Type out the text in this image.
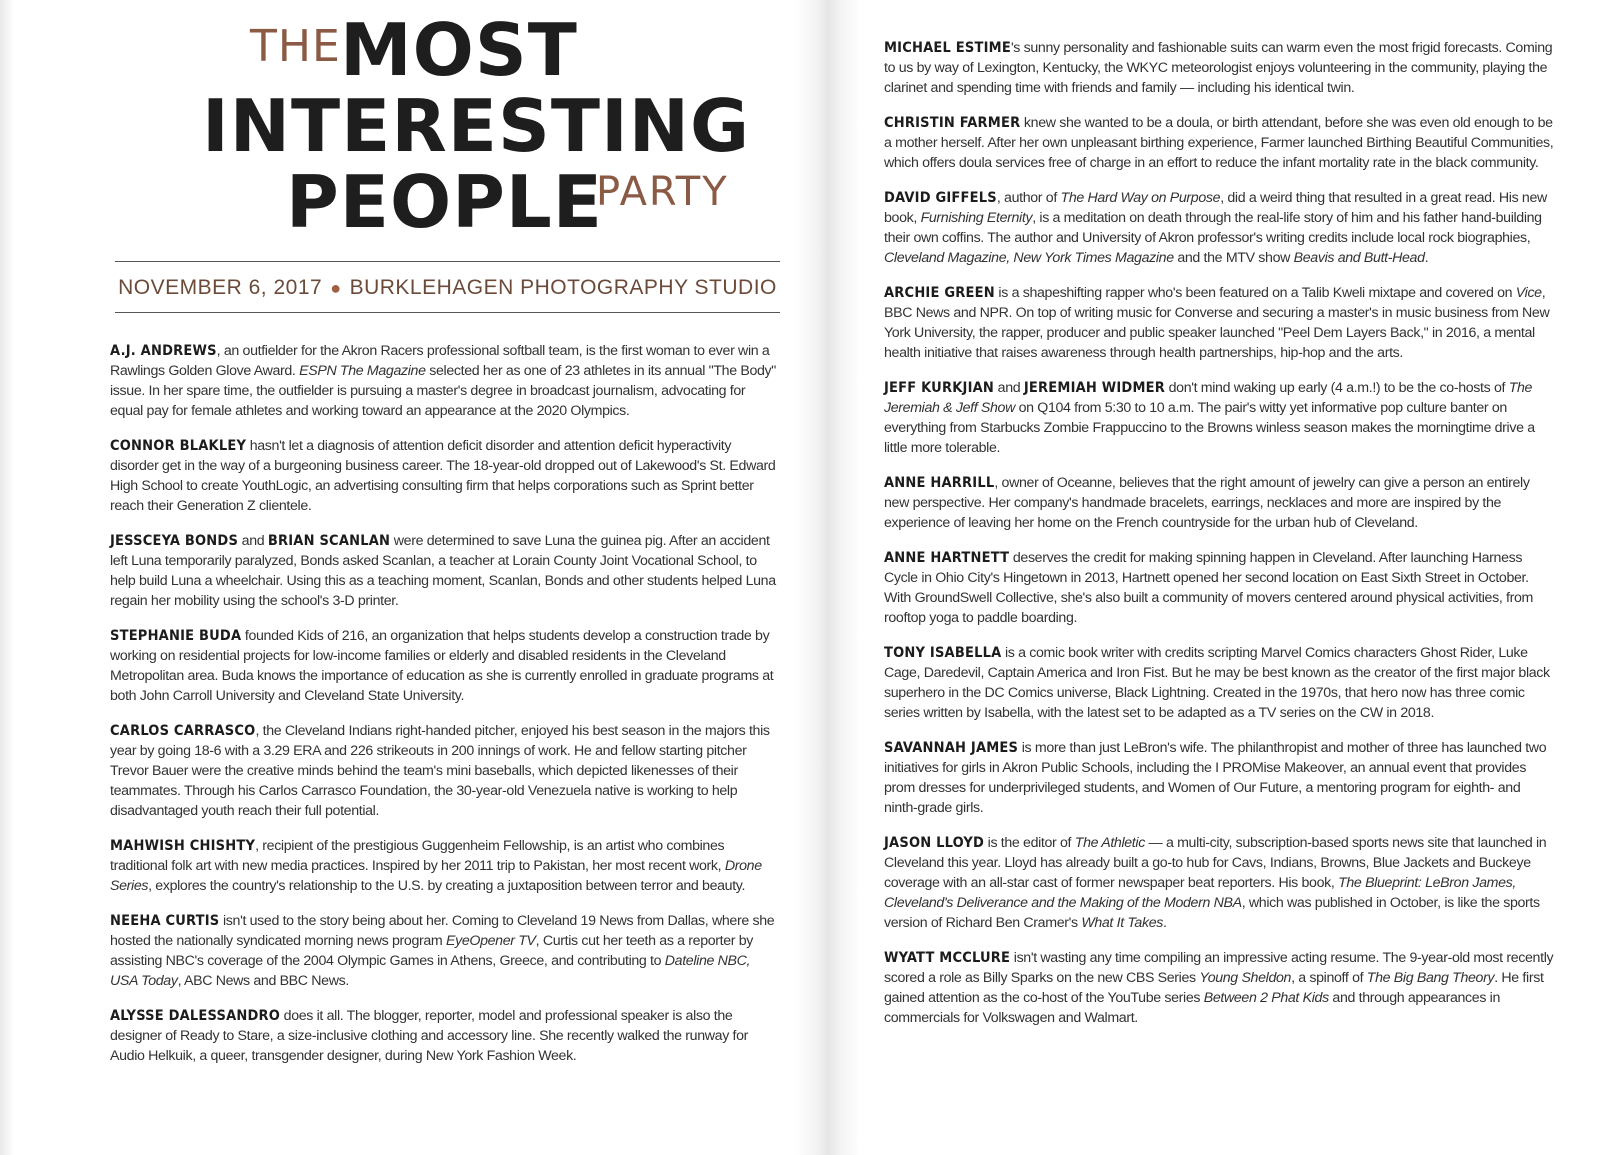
THE MOST
INTERESTING
PEOPLE
PARTY
NOVEMBER 6, 2017 ● BURKLEHAGEN PHOTOGRAPHY STUDIO

A.J. ANDREWS, an outfielder for the Akron Racers professional softball team, is the first woman to ever win a Rawlings Golden Glove Award. ESPN The Magazine selected her as one of 23 athletes in its annual "The Body" issue. In her spare time, the outfielder is pursuing a master's degree in broadcast journalism, advocating for equal pay for female athletes and working toward an appearance at the 2020 Olympics.

CONNOR BLAKLEY hasn't let a diagnosis of attention deficit disorder and attention deficit hyperactivity disorder get in the way of a burgeoning business career. The 18-year-old dropped out of Lakewood's St. Edward High School to create YouthLogic, an advertising consulting firm that helps corporations such as Sprint better reach their Generation Z clientele.

JESSCEYA BONDS and BRIAN SCANLAN were determined to save Luna the guinea pig. After an accident left Luna temporarily paralyzed, Bonds asked Scanlan, a teacher at Lorain County Joint Vocational School, to help build Luna a wheelchair. Using this as a teaching moment, Scanlan, Bonds and other students helped Luna regain her mobility using the school's 3-D printer.

STEPHANIE BUDA founded Kids of 216, an organization that helps students develop a construction trade by working on residential projects for low-income families or elderly and disabled residents in the Cleveland Metropolitan area. Buda knows the importance of education as she is currently enrolled in graduate programs at both John Carroll University and Cleveland State University.

CARLOS CARRASCO, the Cleveland Indians right-handed pitcher, enjoyed his best season in the majors this year by going 18-6 with a 3.29 ERA and 226 strikeouts in 200 innings of work. He and fellow starting pitcher Trevor Bauer were the creative minds behind the team's mini baseballs, which depicted likenesses of their teammates. Through his Carlos Carrasco Foundation, the 30-year-old Venezuela native is working to help disadvantaged youth reach their full potential.

MAHWISH CHISHTY, recipient of the prestigious Guggenheim Fellowship, is an artist who combines traditional folk art with new media practices. Inspired by her 2011 trip to Pakistan, her most recent work, Drone Series, explores the country's relationship to the U.S. by creating a juxtaposition between terror and beauty.

NEEHA CURTIS isn't used to the story being about her. Coming to Cleveland 19 News from Dallas, where she hosted the nationally syndicated morning news program EyeOpener TV, Curtis cut her teeth as a reporter by assisting NBC's coverage of the 2004 Olympic Games in Athens, Greece, and contributing to Dateline NBC, USA Today, ABC News and BBC News.

ALYSSE DALESSANDRO does it all. The blogger, reporter, model and professional speaker is also the designer of Ready to Stare, a size-inclusive clothing and accessory line. She recently walked the runway for Audio Helkuik, a queer, transgender designer, during New York Fashion Week.

MICHAEL ESTIME's sunny personality and fashionable suits can warm even the most frigid forecasts. Coming to us by way of Lexington, Kentucky, the WKYC meteorologist enjoys volunteering in the community, playing the clarinet and spending time with friends and family — including his identical twin.

CHRISTIN FARMER knew she wanted to be a doula, or birth attendant, before she was even old enough to be a mother herself. After her own unpleasant birthing experience, Farmer launched Birthing Beautiful Communities, which offers doula services free of charge in an effort to reduce the infant mortality rate in the black community.

DAVID GIFFELS, author of The Hard Way on Purpose, did a weird thing that resulted in a great read. His new book, Furnishing Eternity, is a meditation on death through the real-life story of him and his father hand-building their own coffins. The author and University of Akron professor's writing credits include local rock biographies, Cleveland Magazine, New York Times Magazine and the MTV show Beavis and Butt-Head.

ARCHIE GREEN is a shapeshifting rapper who's been featured on a Talib Kweli mixtape and covered on Vice, BBC News and NPR. On top of writing music for Converse and securing a master's in music business from New York University, the rapper, producer and public speaker launched "Peel Dem Layers Back," in 2016, a mental health initiative that raises awareness through health partnerships, hip-hop and the arts.

JEFF KURKJIAN and JEREMIAH WIDMER don't mind waking up early (4 a.m.!) to be the co-hosts of The Jeremiah & Jeff Show on Q104 from 5:30 to 10 a.m. The pair's witty yet informative pop culture banter on everything from Starbucks Zombie Frappuccino to the Browns winless season makes the morningtime drive a little more tolerable.

ANNE HARRILL, owner of Oceanne, believes that the right amount of jewelry can give a person an entirely new perspective. Her company's handmade bracelets, earrings, necklaces and more are inspired by the experience of leaving her home on the French countryside for the urban hub of Cleveland.

ANNE HARTNETT deserves the credit for making spinning happen in Cleveland. After launching Harness Cycle in Ohio City's Hingetown in 2013, Hartnett opened her second location on East Sixth Street in October. With GroundSwell Collective, she's also built a community of movers centered around physical activities, from rooftop yoga to paddle boarding.

TONY ISABELLA is a comic book writer with credits scripting Marvel Comics characters Ghost Rider, Luke Cage, Daredevil, Captain America and Iron Fist. But he may be best known as the creator of the first major black superhero in the DC Comics universe, Black Lightning. Created in the 1970s, that hero now has three comic series written by Isabella, with the latest set to be adapted as a TV series on the CW in 2018.

SAVANNAH JAMES is more than just LeBron's wife. The philanthropist and mother of three has launched two initiatives for girls in Akron Public Schools, including the I PROMise Makeover, an annual event that provides prom dresses for underprivileged students, and Women of Our Future, a mentoring program for eighth- and ninth-grade girls.

JASON LLOYD is the editor of The Athletic — a multi-city, subscription-based sports news site that launched in Cleveland this year. Lloyd has already built a go-to hub for Cavs, Indians, Browns, Blue Jackets and Buckeye coverage with an all-star cast of former newspaper beat reporters. His book, The Blueprint: LeBron James, Cleveland's Deliverance and the Making of the Modern NBA, which was published in October, is like the sports version of Richard Ben Cramer's What It Takes.

WYATT MCCLURE isn't wasting any time compiling an impressive acting resume. The 9-year-old most recently scored a role as Billy Sparks on the new CBS Series Young Sheldon, a spinoff of The Big Bang Theory. He first gained attention as the co-host of the YouTube series Between 2 Phat Kids and through appearances in commercials for Volkswagen and Walmart.
